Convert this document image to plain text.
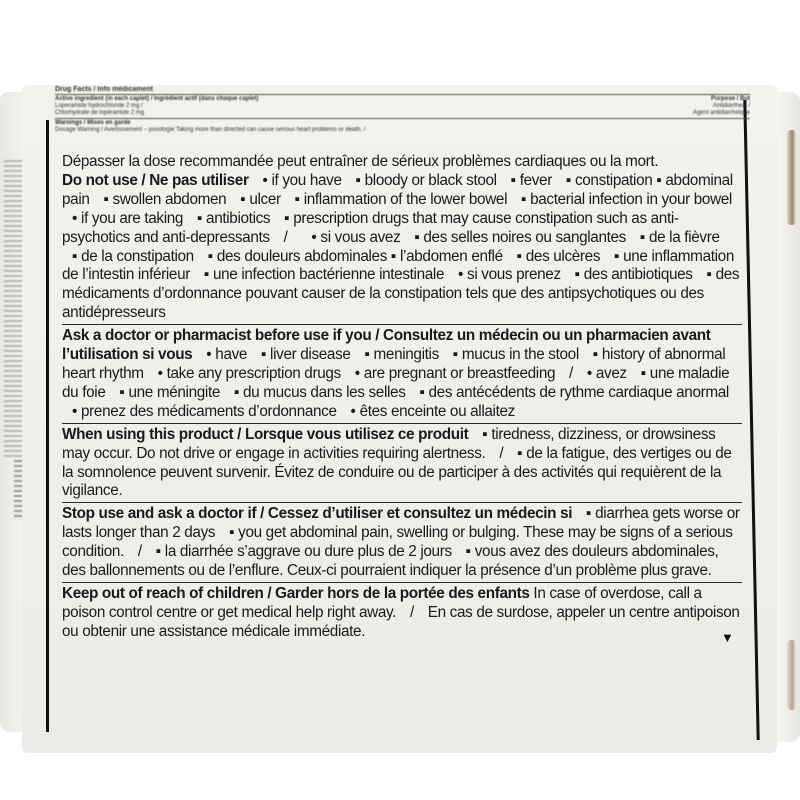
Drug Facts / Info médicament
Active ingredient (in each caplet) / Ingrédient actif (dans chaque caplet)	Purpose / But
Loperamide hydrochloride 2 mg /	Antidiarrheal /
Chlorhydrate de lopéramide 2 mg	Agent antidiarrhéique
Warnings / Mises en garde
Dosage Warning / Avertissement – posologie Taking more than directed can cause serious heart problems or death. /
Dépasser la dose recommandée peut entraîner de sérieux problèmes cardiaques ou la mort.
Do not use / Ne pas utiliser • if you have ▪ bloody or black stool ▪ fever ▪ constipation ▪ abdominal pain ▪ swollen abdomen ▪ ulcer ▪ inflammation of the lower bowel ▪ bacterial infection in your bowel •if you are taking ▪ antibiotics ▪ prescription drugs that may cause constipation such as anti-psychotics and anti-depressants / • si vous avez ▪ des selles noires ou sanglantes ▪ de la fièvre ▪de la constipation ▪ des douleurs abdominales ▪ l’abdomen enflé ▪ des ulcères ▪ une inflammation de l’intestin inférieur ▪ une infection bactérienne intestinale • si vous prenez ▪ des antibiotiques ▪ des médicaments d’ordonnance pouvant causer de la constipation tels que des antipsychotiques ou des antidépresseurs
Ask a doctor or pharmacist before use if you / Consultez un médecin ou un pharmacien avant l’utilisation si vous • have ▪ liver disease ▪ meningitis ▪ mucus in the stool ▪ history of abnormal heart rhythm • take any prescription drugs • are pregnant or breastfeeding / • avez ▪ une maladie du foie ▪ une méningite ▪ du mucus dans les selles ▪ des antécédents de rythme cardiaque anormal •prenez des médicaments d’ordonnance • êtes enceinte ou allaitez
When using this product / Lorsque vous utilisez ce produit ▪ tiredness, dizziness, or drowsiness may occur. Do not drive or engage in activities requiring alertness. / ▪ de la fatigue, des vertiges ou de la somnolence peuvent survenir. Évitez de conduire ou de participer à des activités qui requièrent de la vigilance.
Stop use and ask a doctor if / Cessez d’utiliser et consultez un médecin si ▪ diarrhea gets worse or lasts longer than 2 days ▪ you get abdominal pain, swelling or bulging. These may be signs of a serious condition. / ▪ la diarrhée s’aggrave ou dure plus de 2 jours ▪ vous avez des douleurs abdominales, des ballonnements ou de l’enflure. Ceux-ci pourraient indiquer la présence d’un problème plus grave.
Keep out of reach of children / Garder hors de la portée des enfants In case of overdose, call a poison control centre or get medical help right away. / En cas de surdose, appeler un centre antipoison ou obtenir une assistance médicale immédiate.	▼
